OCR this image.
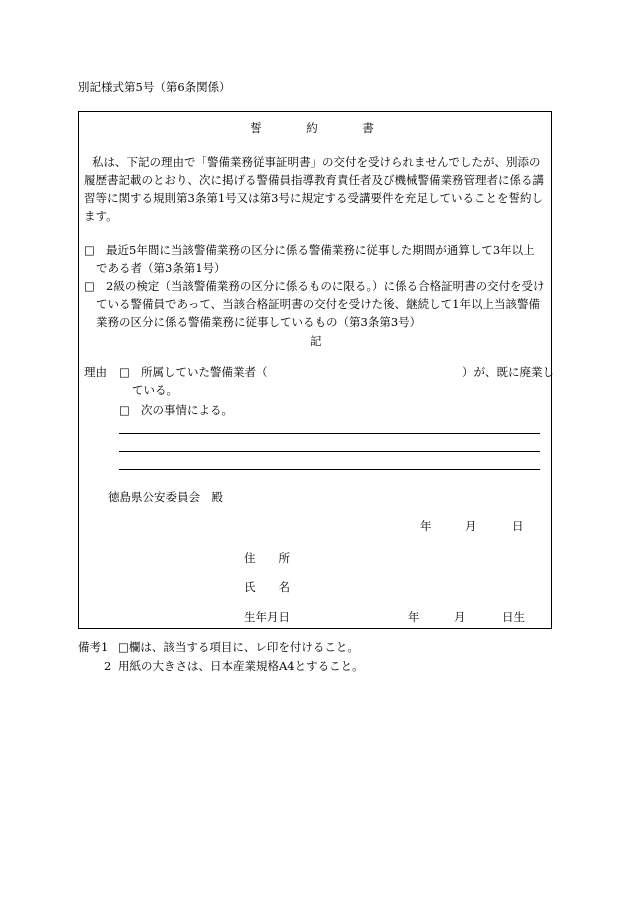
別記様式第5号（第6条関係）
誓	約	書
私は、下記の理由で「警備業務従事証明書」の交付を受けられませんでしたが、別添の
履歴書記載のとおり、次に掲げる警備員指導教育責任者及び機械警備業務管理者に係る講
習等に関する規則第3条第1号又は第3号に規定する受講要件を充足していることを誓約し
ます。
□ 最近5年間に当該警備業務の区分に係る警備業務に従事した期間が通算して3年以上
である者（第3条第1号）
□ 2級の検定（当該警備業務の区分に係るものに限る。）に係る合格証明書の交付を受け
ている警備員であって、当該合格証明書の交付を受けた後、継続して1年以上当該警備
業務の区分に係る警備業務に従事しているもの（第3条第3号）
記
理由 □ 所属していた警備業者（	）が、既に廃業し
ている。
□ 次の事情による。
徳島県公安委員会　殿
年	月	日
住　　所
氏　　名
生年月日	年	月	日生
備考1 □欄は、該当する項目に、レ印を付けること。
2 用紙の大きさは、日本産業規格A4とすること。
